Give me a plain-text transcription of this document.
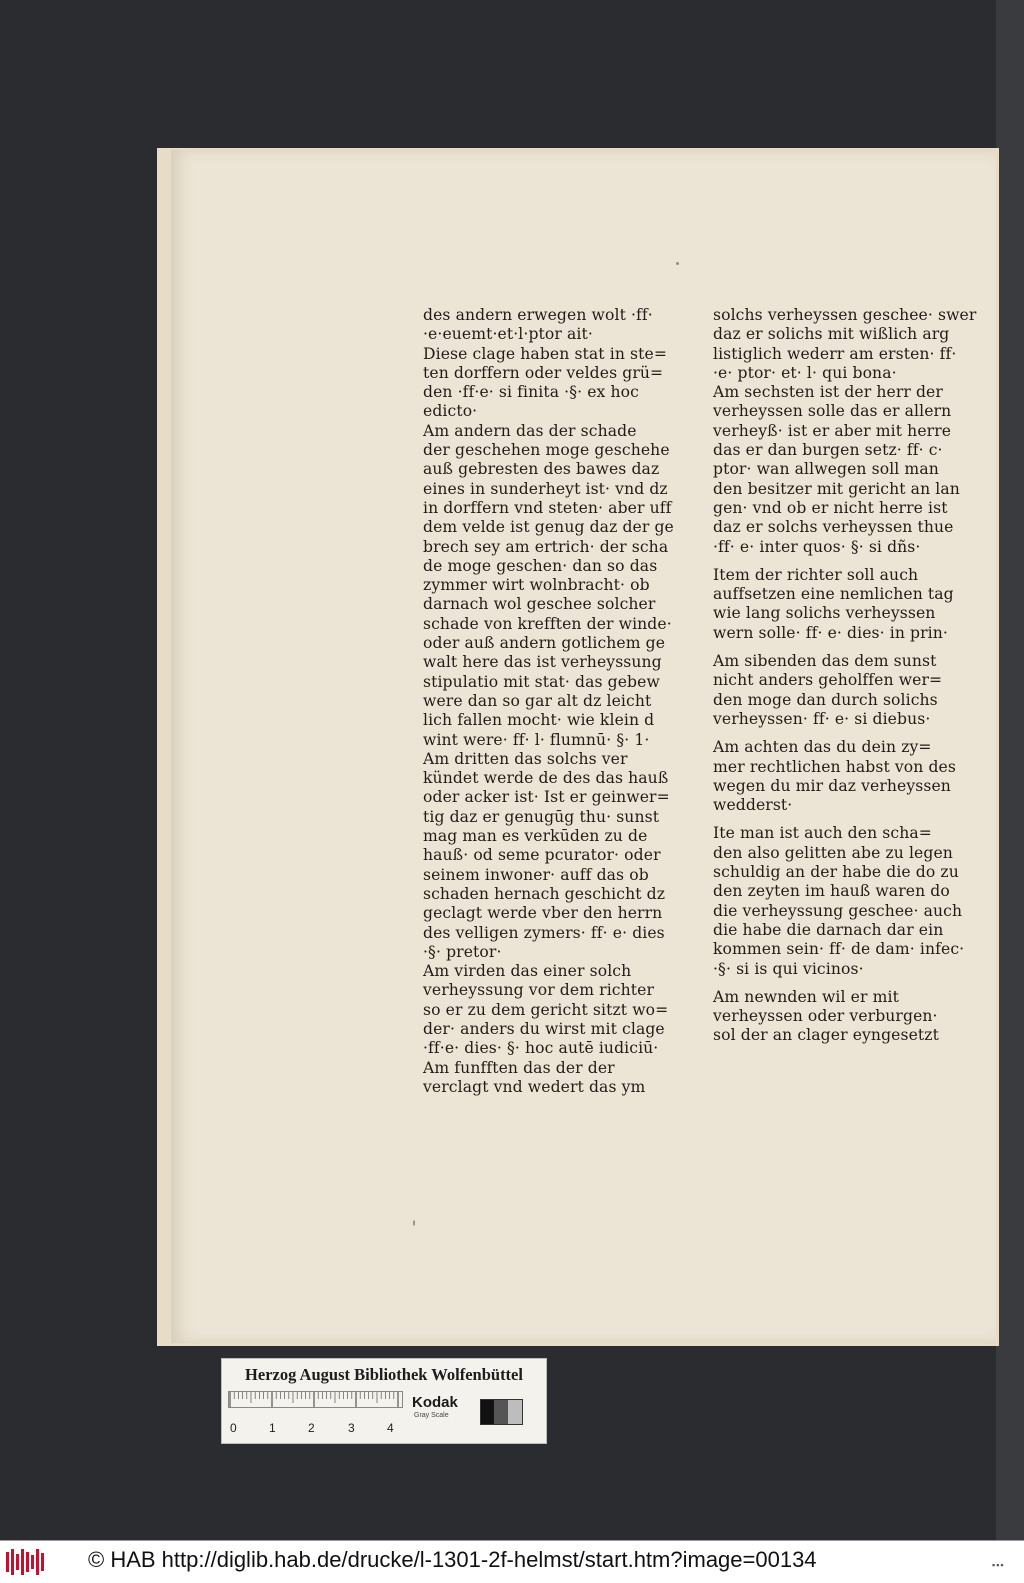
des andern erwegen wolt ·ff·
·e·euemt·et·l·ptor ait·
Diese clage haben stat in ste=
ten dorffern oder veldes grü=
den ·ff·e· si finita ·§· ex hoc
edicto·
Am andern das der schade
der geschehen moge geschehe
auß gebresten des bawes daz
eines in sunderheyt ist· vnd dz
in dorffern vnd steten· aber uff
dem velde ist genug daz der ge
brech sey am ertrich· der scha
de moge geschen· dan so das
zymmer wirt wolnbracht· ob
darnach wol geschee solcher
schade von krefften der winde·
oder auß andern gotlichem ge
walt here das ist verheyssung
stipulatio mit stat· das gebew
were dan so gar alt dz leicht
lich fallen mocht· wie klein d
wint were· ff· l· flumnū· §· 1·
Am dritten das solchs ver
kündet werde de des das hauß
oder acker ist· Ist er geinwer=
tig daz er genugūg thu· sunst
mag man es verkūden zu de
hauß· od seme pcurator· oder
seinem inwoner· auff das ob
schaden hernach geschicht dz
geclagt werde vber den herrn
des velligen zymers· ff· e· dies
·§· pretor·
Am virden das einer solch
verheyssung vor dem richter
so er zu dem gericht sitzt wo=
der· anders du wirst mit clage
·ff·e· dies· §· hoc autē iudiciū·
Am funfften das der der
verclagt vnd wedert das ym
solchs verheyssen geschee· swer
daz er solichs mit wißlich arg
listiglich wederr am ersten· ff·
·e· ptor· et· l· qui bona·
Am sechsten ist der herr der
verheyssen solle das er allern
verheyß· ist er aber mit herre
das er dan burgen setz· ff· c·
ptor· wan allwegen soll man
den besitzer mit gericht an lan
gen· vnd ob er nicht herre ist
daz er solchs verheyssen thue
·ff· e· inter quos· §· si dñs·
Item der richter soll auch
auffsetzen eine nemlichen tag
wie lang solichs verheyssen
wern solle· ff· e· dies· in prin·
Am sibenden das dem sunst
nicht anders geholffen wer=
den moge dan durch solichs
verheyssen· ff· e· si diebus·
Am achten das du dein zy=
mer rechtlichen habst von des
wegen du mir daz verheyssen
wedderst·
Ite man ist auch den scha=
den also gelitten abe zu legen
schuldig an der habe die do zu
den zeyten im hauß waren do
die verheyssung geschee· auch
die habe die darnach dar ein
kommen sein· ff· de dam· infec·
·§· si is qui vicinos·
Am newnden wil er mit
verheyssen oder verburgen·
sol der an clager eyngesetzt
Herzog August Bibliothek Wolfenbüttel
0	1	2	3	4
Kodak
Gray Scale
© HAB http://diglib.hab.de/drucke/l-1301-2f-helmst/start.htm?image=00134	▪▪▪
